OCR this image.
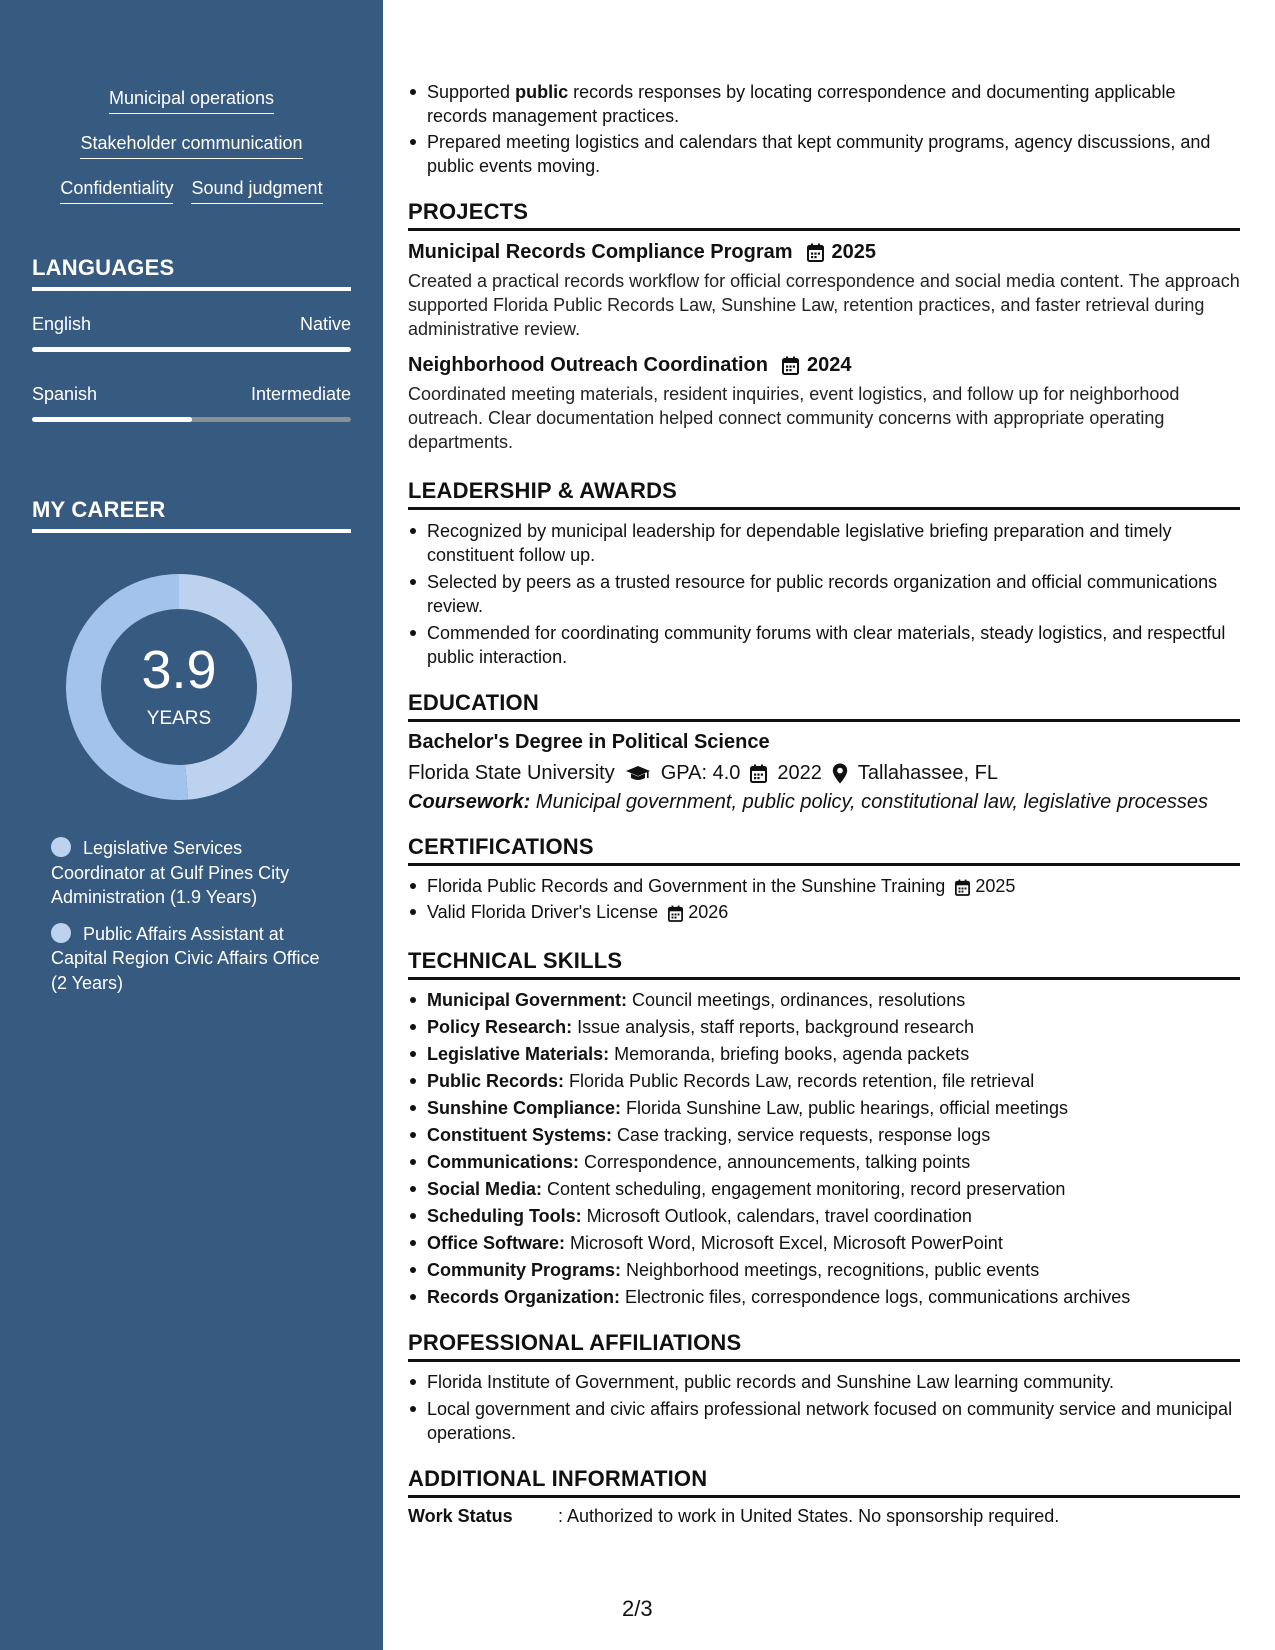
Municipal operations
Stakeholder communication
Confidentiality Sound judgment
LANGUAGES
English	Native
Spanish	Intermediate
MY CAREER
3.9
YEARS
Legislative Services Coordinator at Gulf Pines City Administration (1.9 Years)
Public Affairs Assistant at Capital Region Civic Affairs Office (2 Years)
Supported public records responses by locating correspondence and documenting applicable records management practices.
Prepared meeting logistics and calendars that kept community programs, agency discussions, and public events moving.
PROJECTS
Municipal Records Compliance Program 2025
Created a practical records workflow for official correspondence and social media content. The approach supported Florida Public Records Law, Sunshine Law, retention practices, and faster retrieval during administrative review.
Neighborhood Outreach Coordination 2024
Coordinated meeting materials, resident inquiries, event logistics, and follow up for neighborhood outreach. Clear documentation helped connect community concerns with appropriate operating departments.
LEADERSHIP & AWARDS
Recognized by municipal leadership for dependable legislative briefing preparation and timely constituent follow up.
Selected by peers as a trusted resource for public records organization and official communications review.
Commended for coordinating community forums with clear materials, steady logistics, and respectful public interaction.
EDUCATION
Bachelor's Degree in Political Science
Florida State University GPA: 4.0 2022 Tallahassee, FL
Coursework: Municipal government, public policy, constitutional law, legislative processes
CERTIFICATIONS
Florida Public Records and Government in the Sunshine Training 2025
Valid Florida Driver's License 2026
TECHNICAL SKILLS
Municipal Government: Council meetings, ordinances, resolutions
Policy Research: Issue analysis, staff reports, background research
Legislative Materials: Memoranda, briefing books, agenda packets
Public Records: Florida Public Records Law, records retention, file retrieval
Sunshine Compliance: Florida Sunshine Law, public hearings, official meetings
Constituent Systems: Case tracking, service requests, response logs
Communications: Correspondence, announcements, talking points
Social Media: Content scheduling, engagement monitoring, record preservation
Scheduling Tools: Microsoft Outlook, calendars, travel coordination
Office Software: Microsoft Word, Microsoft Excel, Microsoft PowerPoint
Community Programs: Neighborhood meetings, recognitions, public events
Records Organization: Electronic files, correspondence logs, communications archives
PROFESSIONAL AFFILIATIONS
Florida Institute of Government, public records and Sunshine Law learning community.
Local government and civic affairs professional network focused on community service and municipal operations.
ADDITIONAL INFORMATION
Work Status	: Authorized to work in United States. No sponsorship required.
2/3
